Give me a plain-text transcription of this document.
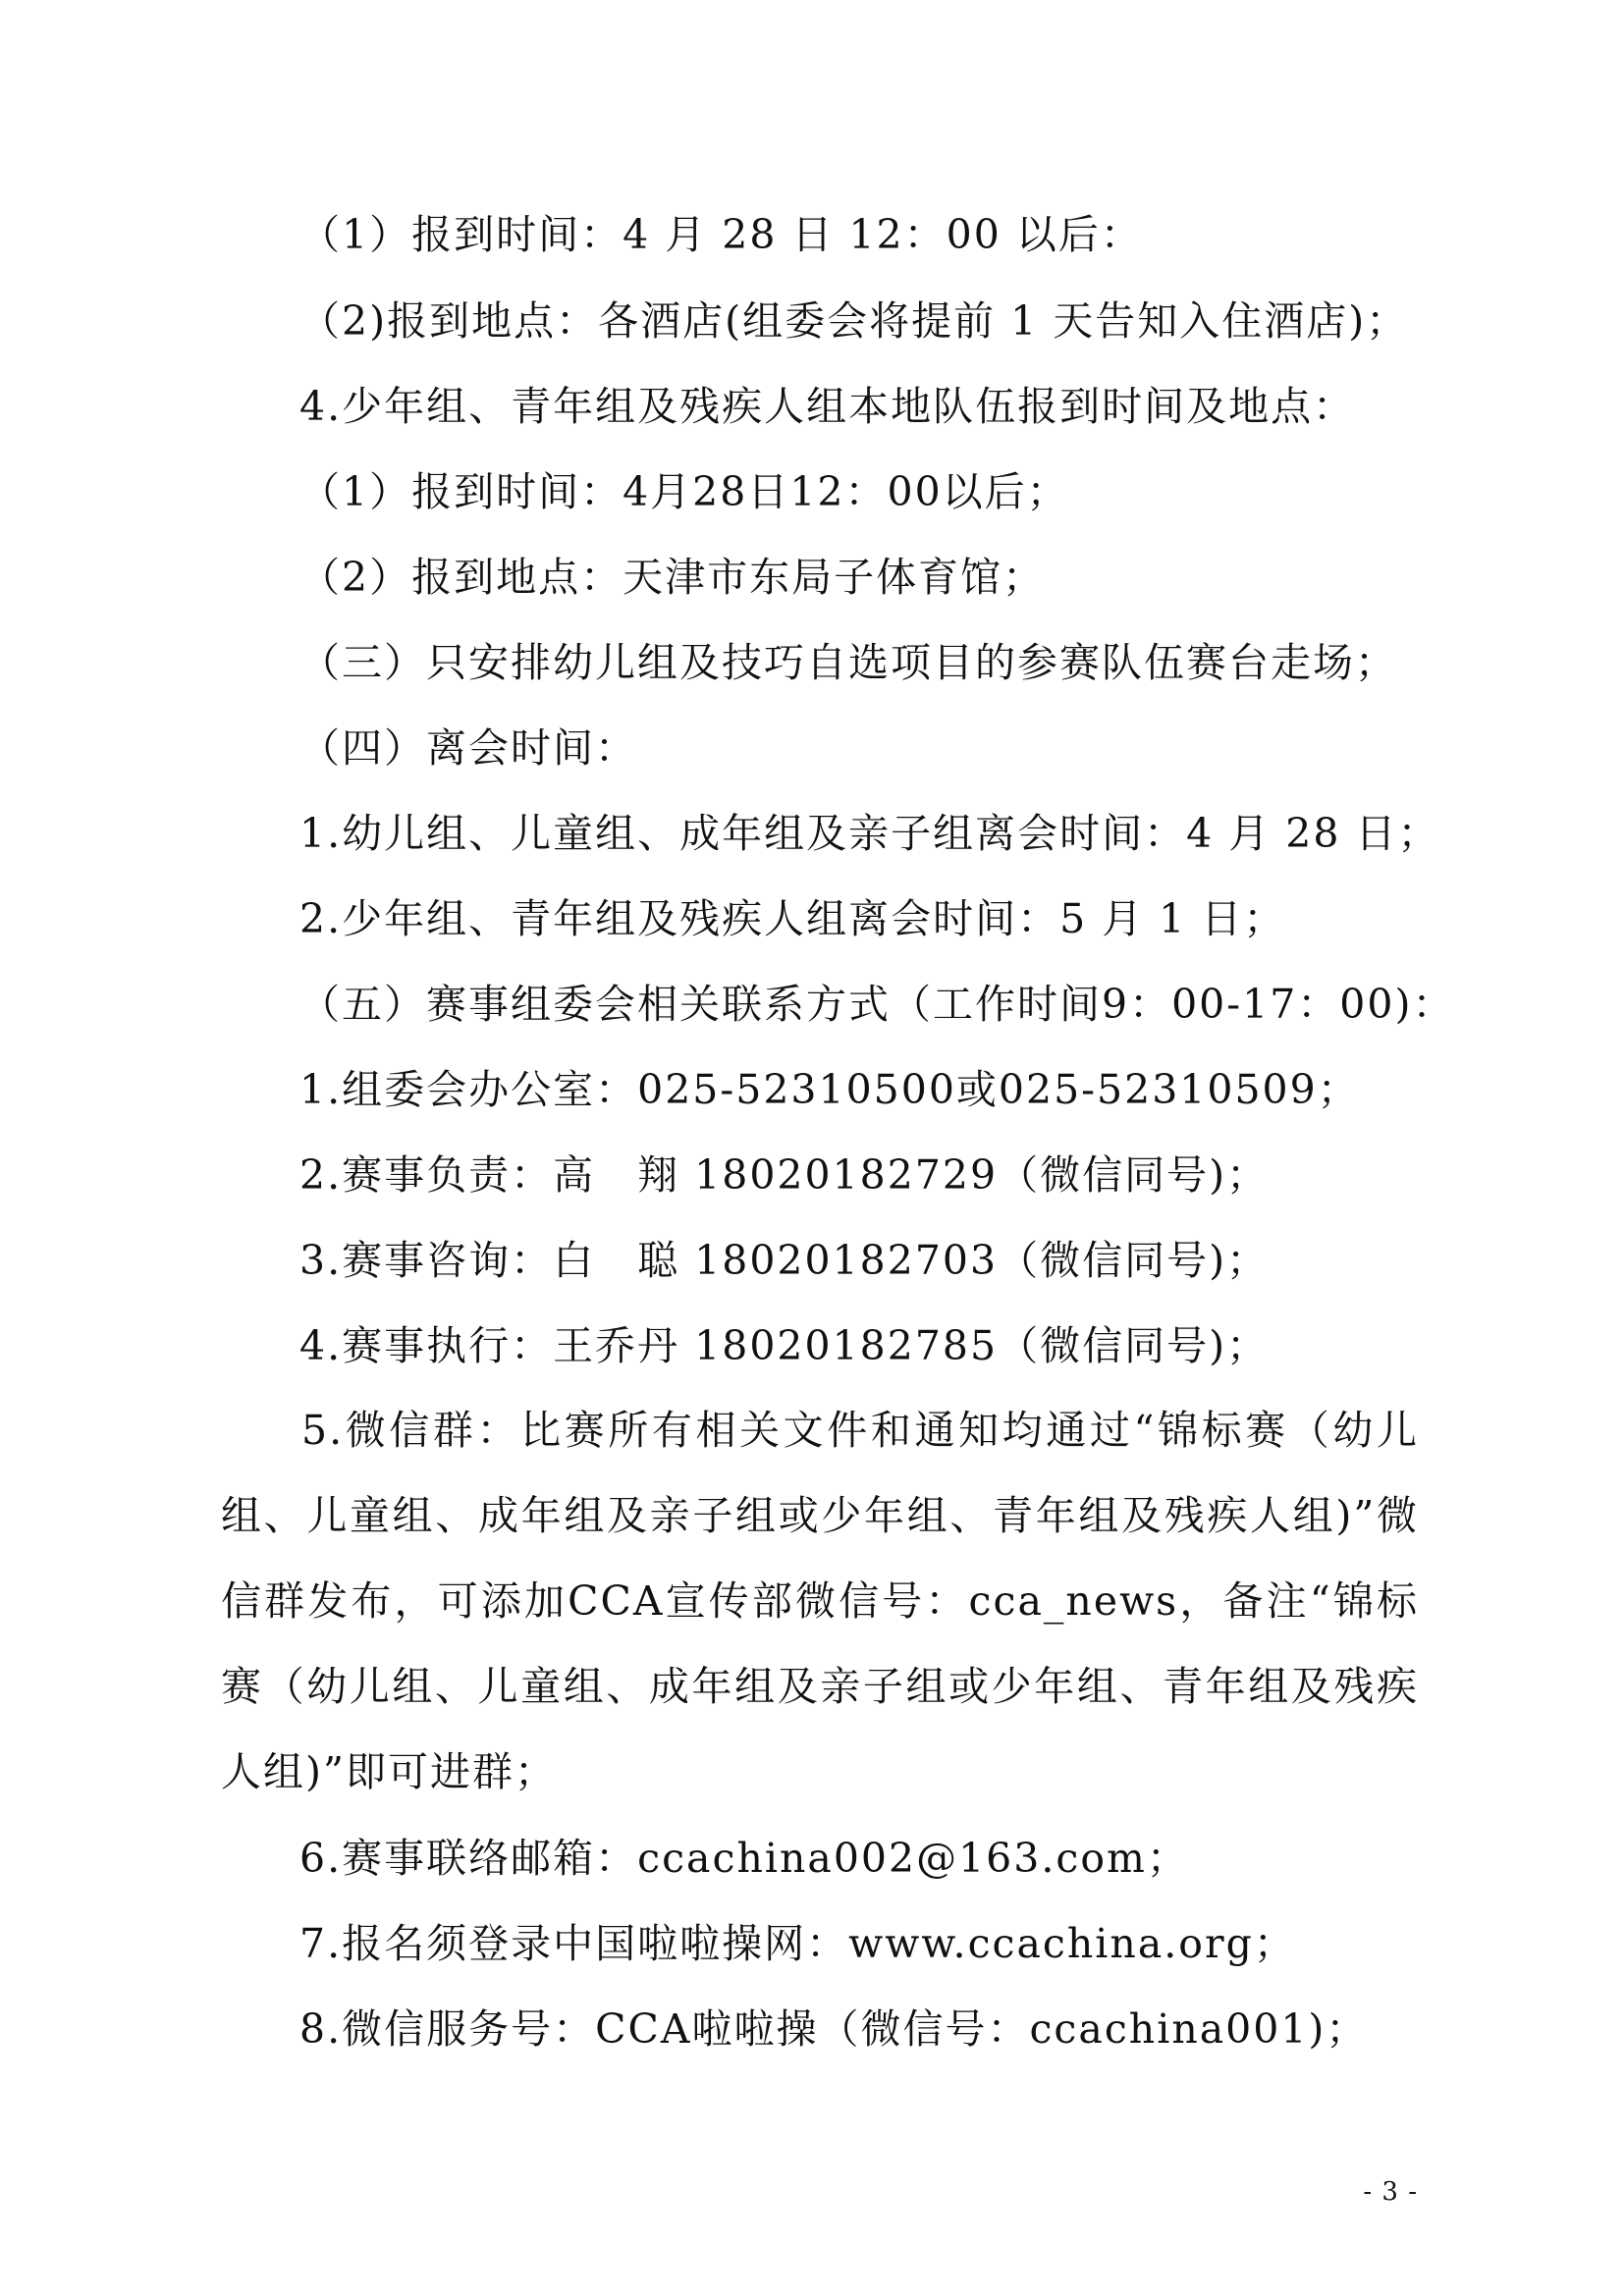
（1）报到时间：4 月 28 日 12：00 以后：
（2)报到地点：各酒店(组委会将提前 1 天告知入住酒店)；
4.少年组、青年组及残疾人组本地队伍报到时间及地点：
（1）报到时间：4月28日12：00以后；
（2）报到地点：天津市东局子体育馆；
（三）只安排幼儿组及技巧自选项目的参赛队伍赛台走场；
（四）离会时间：
1.幼儿组、儿童组、成年组及亲子组离会时间：4 月 28 日；
2.少年组、青年组及残疾人组离会时间：5 月 1 日；
（五）赛事组委会相关联系方式（工作时间9：00-17：00)：
1.组委会办公室：025-52310500或025-52310509；
2.赛事负责：高　翔 18020182729（微信同号)；
3.赛事咨询：白　聪 18020182703（微信同号)；
4.赛事执行：王乔丹 18020182785（微信同号)；
5.微信群：比赛所有相关文件和通知均通过“锦标赛（幼儿组、儿童组、成年组及亲子组或少年组、青年组及残疾人组)”微信群发布，可添加CCA宣传部微信号：cca_news，备注“锦标赛（幼儿组、儿童组、成年组及亲子组或少年组、青年组及残疾人组)”即可进群；
6.赛事联络邮箱：ccachina002@163.com；
7.报名须登录中国啦啦操网：www.ccachina.org；
8.微信服务号：CCA啦啦操（微信号：ccachina001)；
- 3 -
